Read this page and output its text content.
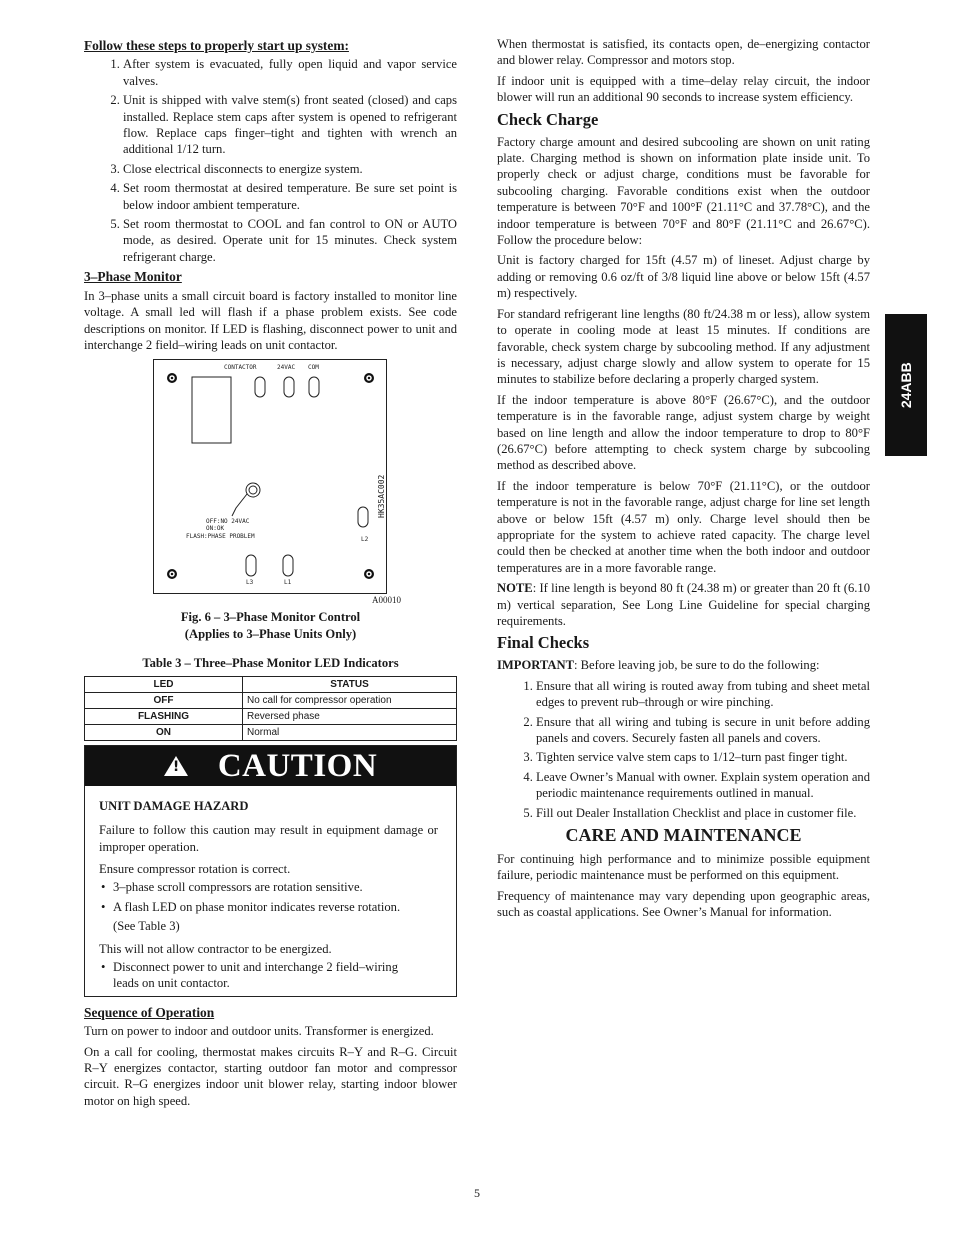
Follow these steps to properly start up system:
1. After system is evacuated, fully open liquid and vapor service valves.
2. Unit is shipped with valve stem(s) front seated (closed) and caps installed. Replace stem caps after system is opened to refrigerant flow. Replace caps finger–tight and tighten with wrench an additional 1/12 turn.
3. Close electrical disconnects to energize system.
4. Set room thermostat at desired temperature. Be sure set point is below indoor ambient temperature.
5. Set room thermostat to COOL and fan control to ON or AUTO mode, as desired. Operate unit for 15 minutes. Check system refrigerant charge.
3–Phase Monitor

In 3–phase units a small circuit board is factory installed to monitor line voltage. A small led will flash if a phase problem exists. See code descriptions on monitor. If LED is flashing, disconnect power to unit and interchange 2 field–wiring leads on unit contactor.

CONTACTOR	24VAC COM
OFF:NO 24VAC
ON:OK
FLASH:PHASE PROBLEM	L2
L3	L1
HK35AC002
A00010
Fig. 6 – 3–Phase Monitor Control
(Applies to 3–Phase Units Only)
Table 3 – Three–Phase Monitor LED Indicators
LED	STATUS
OFF	No call for compressor operation
FLASHING	Reversed phase
ON	Normal
! CAUTION
UNIT DAMAGE HAZARD

Failure to follow this caution may result in equipment damage or improper operation.

Ensure compressor rotation is correct.

• 3–phase scroll compressors are rotation sensitive.
• A flash LED on phase monitor indicates reverse rotation.
(See Table 3)

This will not allow contractor to be energized.

• Disconnect power to unit and interchange 2 field–wiring
leads on unit contactor.
Sequence of Operation

Turn on power to indoor and outdoor units. Transformer is energized.

On a call for cooling, thermostat makes circuits R–Y and R–G. Circuit R–Y energizes contactor, starting outdoor fan motor and compressor circuit. R–G energizes indoor unit blower relay, starting indoor blower motor on high speed.

When thermostat is satisfied, its contacts open, de–energizing contactor and blower relay. Compressor and motors stop.

If indoor unit is equipped with a time–delay relay circuit, the indoor blower will run an additional 90 seconds to increase system efficiency.

Check Charge

Factory charge amount and desired subcooling are shown on unit rating plate. Charging method is shown on information plate inside unit. To properly check or adjust charge, conditions must be favorable for subcooling charging. Favorable conditions exist when the outdoor temperature is between 70°F and 100°F (21.11°C and 37.78°C), and the indoor temperature is between 70°F and 80°F (21.11°C and 26.67°C). Follow the procedure below:

Unit is factory charged for 15ft (4.57 m) of lineset. Adjust charge by adding or removing 0.6 oz/ft of 3/8 liquid line above or below 15ft (4.57 m) respectively.

For standard refrigerant line lengths (80 ft/24.38 m or less), allow system to operate in cooling mode at least 15 minutes. If conditions are favorable, check system charge by subcooling method. If any adjustment is necessary, adjust charge slowly and allow system to operate for 15 minutes to stabilize before declaring a properly charged system.

If the indoor temperature is above 80°F (26.67°C), and the outdoor temperature is in the favorable range, adjust system charge by weight based on line length and allow the indoor temperature to drop to 80°F (26.67°C) before attempting to check system charge by subcooling method as described above.

If the indoor temperature is below 70°F (21.11°C), or the outdoor temperature is not in the favorable range, adjust charge for line set length above or below 15ft (4.57 m) only. Charge level should then be appropriate for the system to achieve rated capacity. The charge level could then be checked at another time when the both indoor and outdoor temperatures are in a more favorable range.

NOTE: If line length is beyond 80 ft (24.38 m) or greater than 20 ft (6.10 m) vertical separation, See Long Line Guideline for special charging requirements.

Final Checks

IMPORTANT: Before leaving job, be sure to do the following:

1. Ensure that all wiring is routed away from tubing and sheet metal edges to prevent rub–through or wire pinching.
2. Ensure that all wiring and tubing is secure in unit before adding panels and covers. Securely fasten all panels and covers.
3. Tighten service valve stem caps to 1/12–turn past finger tight.
4. Leave Owner’s Manual with owner. Explain system operation and periodic maintenance requirements outlined in manual.
5. Fill out Dealer Installation Checklist and place in customer file.
CARE AND MAINTENANCE

For continuing high performance and to minimize possible equipment failure, periodic maintenance must be performed on this equipment.

Frequency of maintenance may vary depending upon geographic areas, such as coastal applications. See Owner’s Manual for information.

24ABB
5
